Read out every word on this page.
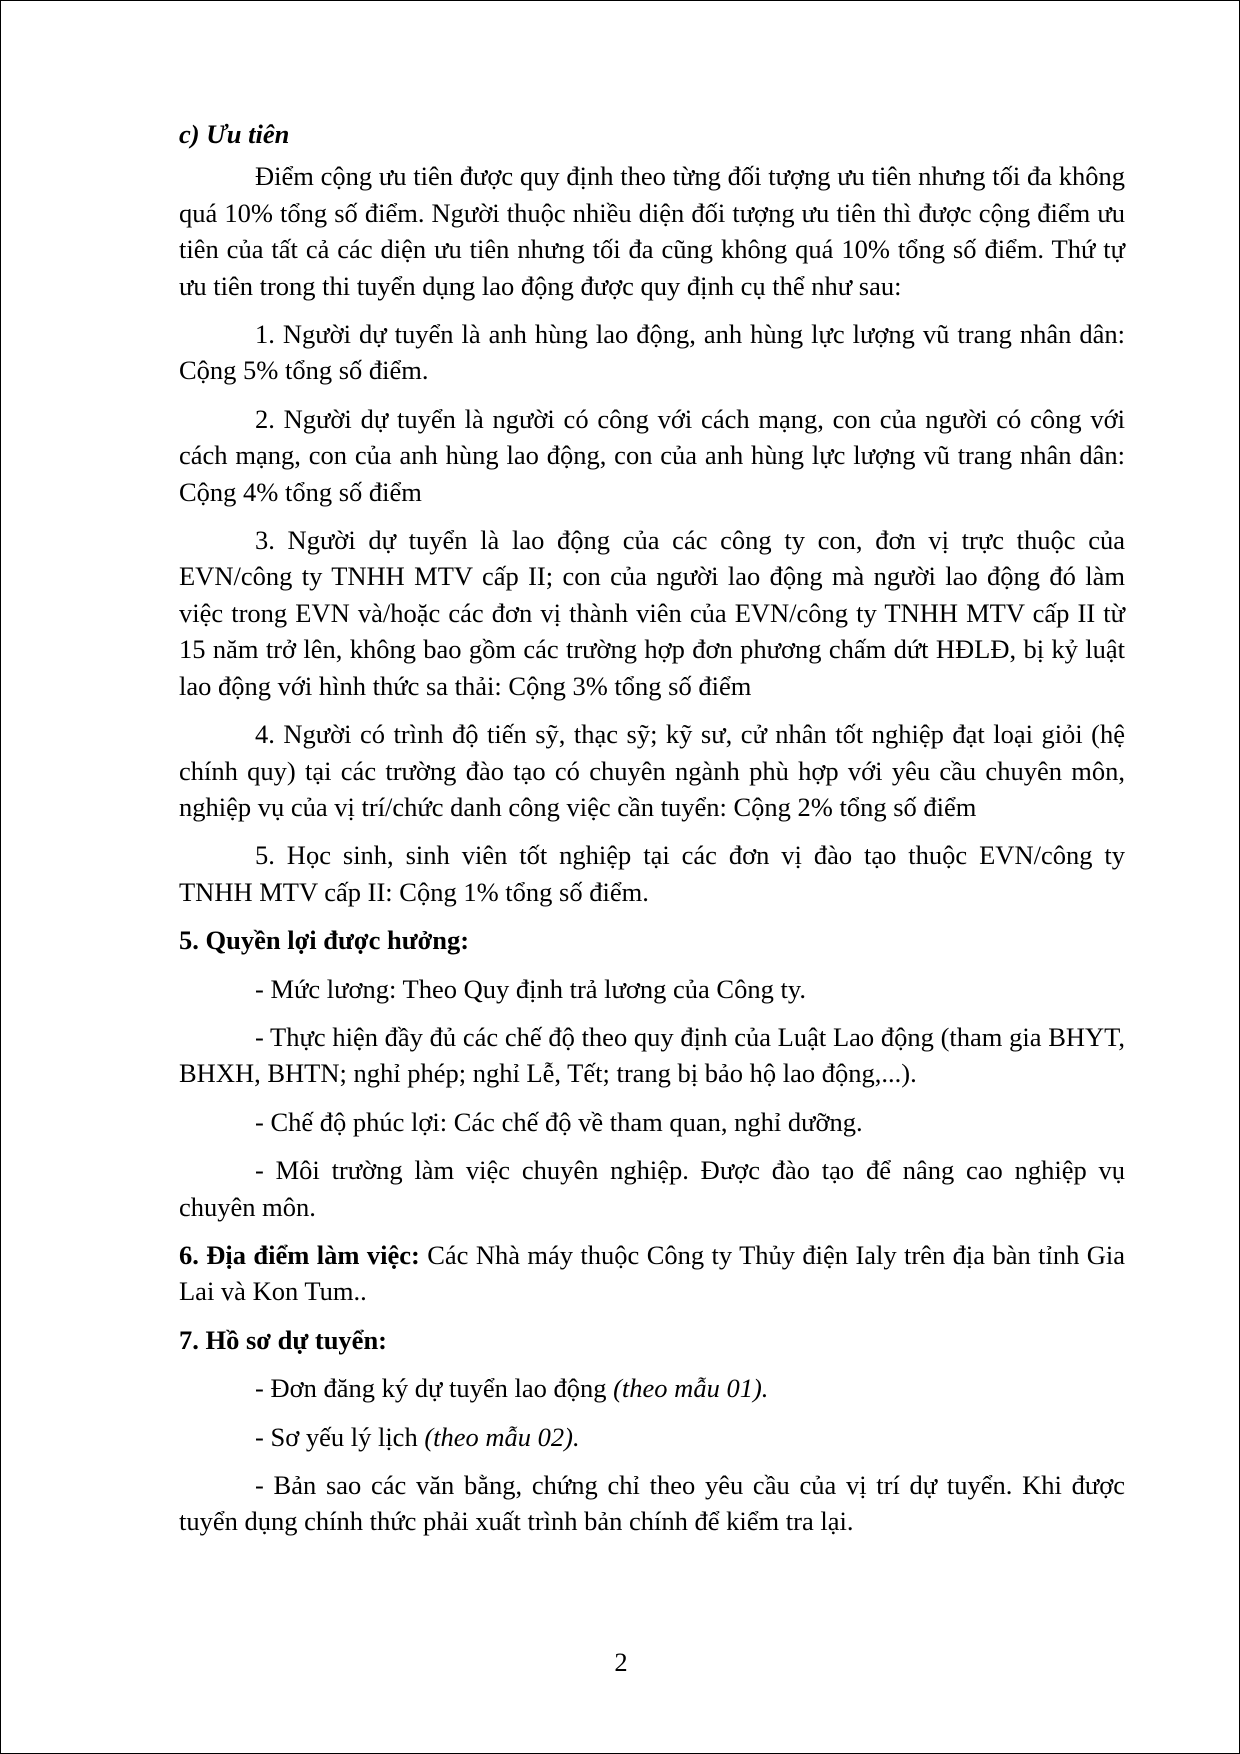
c) Ưu tiên

Điểm cộng ưu tiên được quy định theo từng đối tượng ưu tiên nhưng tối đa không quá 10% tổng số điểm. Người thuộc nhiều diện đối tượng ưu tiên thì được cộng điểm ưu tiên của tất cả các diện ưu tiên nhưng tối đa cũng không quá 10% tổng số điểm. Thứ tự ưu tiên trong thi tuyển dụng lao động được quy định cụ thể như sau:

1. Người dự tuyển là anh hùng lao động, anh hùng lực lượng vũ trang nhân dân: Cộng 5% tổng số điểm.

2. Người dự tuyển là người có công với cách mạng, con của người có công với cách mạng, con của anh hùng lao động, con của anh hùng lực lượng vũ trang nhân dân: Cộng 4% tổng số điểm

3. Người dự tuyển là lao động của các công ty con, đơn vị trực thuộc của EVN/công ty TNHH MTV cấp II; con của người lao động mà người lao động đó làm việc trong EVN và/hoặc các đơn vị thành viên của EVN/công ty TNHH MTV cấp II từ 15 năm trở lên, không bao gồm các trường hợp đơn phương chấm dứt HĐLĐ, bị kỷ luật lao động với hình thức sa thải: Cộng 3% tổng số điểm

4. Người có trình độ tiến sỹ, thạc sỹ; kỹ sư, cử nhân tốt nghiệp đạt loại giỏi (hệ chính quy) tại các trường đào tạo có chuyên ngành phù hợp với yêu cầu chuyên môn, nghiệp vụ của vị trí/chức danh công việc cần tuyển: Cộng 2% tổng số điểm

5. Học sinh, sinh viên tốt nghiệp tại các đơn vị đào tạo thuộc EVN/công ty TNHH MTV cấp II: Cộng 1% tổng số điểm.

5. Quyền lợi được hưởng:

- Mức lương: Theo Quy định trả lương của Công ty.

- Thực hiện đầy đủ các chế độ theo quy định của Luật Lao động (tham gia BHYT, BHXH, BHTN; nghỉ phép; nghỉ Lễ, Tết; trang bị bảo hộ lao động,...).

- Chế độ phúc lợi: Các chế độ về tham quan, nghỉ dưỡng.

- Môi trường làm việc chuyên nghiệp. Được đào tạo để nâng cao nghiệp vụ chuyên môn.

6. Địa điểm làm việc: Các Nhà máy thuộc Công ty Thủy điện Ialy trên địa bàn tỉnh Gia Lai và Kon Tum..

7. Hồ sơ dự tuyển:

- Đơn đăng ký dự tuyển lao động (theo mẫu 01).

- Sơ yếu lý lịch (theo mẫu 02).

- Bản sao các văn bằng, chứng chỉ theo yêu cầu của vị trí dự tuyển. Khi được tuyển dụng chính thức phải xuất trình bản chính để kiểm tra lại.

2
